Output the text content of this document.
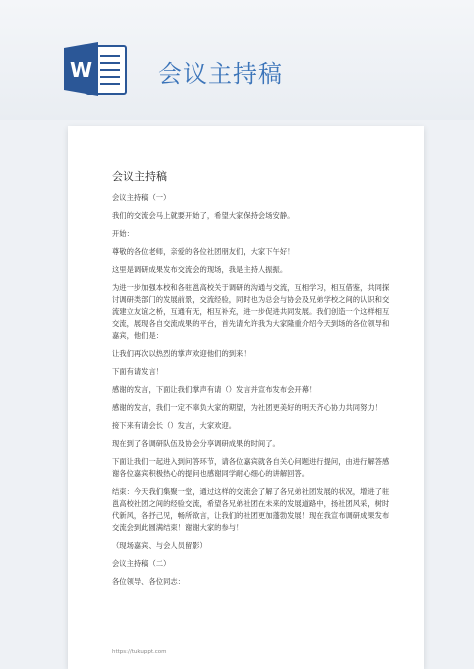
W	会议主持稿
会议主持稿

会议主持稿（一）

我们的交流会马上就要开始了，希望大家保持会场安静。

开始：

尊敬的各位老师，亲爱的各位社团朋友们，大家下午好！

这里是调研成果发布交流会的现场，我是主持人振振。

为进一步加强本校和各驻邕高校关于调研的沟通与交流，互相学习，相互借鉴，共同探讨调研类部门的发展前景，交流经验，同时也为总会与协会及兄弟学校之间的认识和交流建立友谊之桥，互通有无，相互补充，进一步促进共同发展。我们创造一个这样相互交流，展现各自交流成果的平台，首先请允许我为大家隆重介绍今天到场的各位领导和嘉宾，他们是：

让我们再次以热烈的掌声欢迎他们的到来！

下面有请发言！

感谢的发言，下面让我们掌声有请（）发言并宣布发布会开幕！

感谢的发言，我们一定不辜负大家的期望，为社团更美好的明天齐心协力共同努力！

接下来有请会长（）发言，大家欢迎。

现在到了各调研队伍及协会分享调研成果的时间了。

下面让我们一起进入到问答环节，请各位嘉宾就各自关心问题进行提问，由进行解答感谢各位嘉宾积极热心的提问也感谢同学耐心细心的讲解回答。

结束：今天我们集聚一堂，通过这样的交流会了解了各兄弟社团发展的状况，增进了驻邕高校社团之间的经验交流，希望各兄弟社团在未来的发展道路中，扬社团风采，树时代新风，各抒己见，畅所欲言，让我们的社团更加蓬勃发展！现在我宣布调研成果发布交流会到此圆满结束！谢谢大家的参与！

（现场嘉宾、与会人员留影）

会议主持稿（二）

各位领导、各位同志：

https://tukuppt.com
